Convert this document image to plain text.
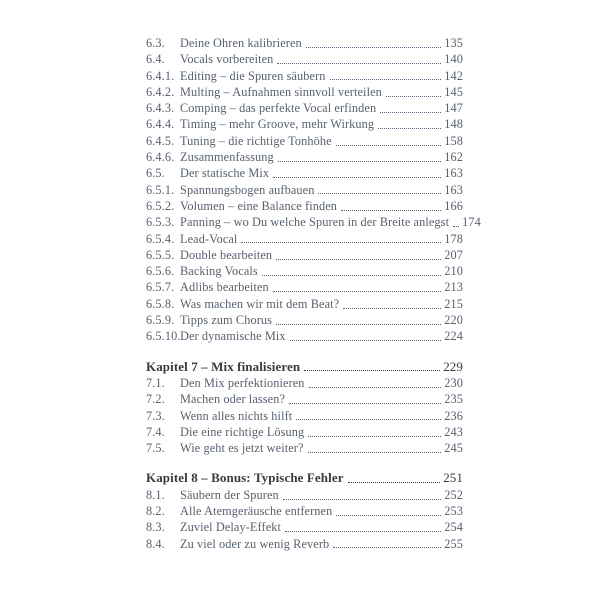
6.3.	Deine Ohren kalibrieren	135
6.4.	Vocals vorbereiten	140
6.4.1. Editing – die Spuren säubern	142
6.4.2. Multing – Aufnahmen sinnvoll verteilen	145
6.4.3. Comping – das perfekte Vocal erfinden	147
6.4.4. Timing – mehr Groove, mehr Wirkung	148
6.4.5. Tuning – die richtige Tonhöhe	158
6.4.6. Zusammenfassung	162
6.5.	Der statische Mix	163
6.5.1. Spannungsbogen aufbauen	163
6.5.2. Volumen – eine Balance finden	166
6.5.3. Panning – wo Du welche Spuren in der Breite anlegst 174
6.5.4. Lead-Vocal	178
6.5.5. Double bearbeiten	207
6.5.6. Backing Vocals	210
6.5.7. Adlibs bearbeiten	213
6.5.8. Was machen wir mit dem Beat?	215
6.5.9. Tipps zum Chorus	220
6.5.10. Der dynamische Mix	224
Kapitel 7 – Mix finalisieren	229
7.1.	Den Mix perfektionieren	230
7.2.	Machen oder lassen?	235
7.3.	Wenn alles nichts hilft	236
7.4.	Die eine richtige Lösung	243
7.5.	Wie geht es jetzt weiter?	245
Kapitel 8 – Bonus: Typische Fehler	251
8.1.	Säubern der Spuren	252
8.2.	Alle Atemgeräusche entfernen	253
8.3.	Zuviel Delay-Effekt	254
8.4.	Zu viel oder zu wenig Reverb	255
